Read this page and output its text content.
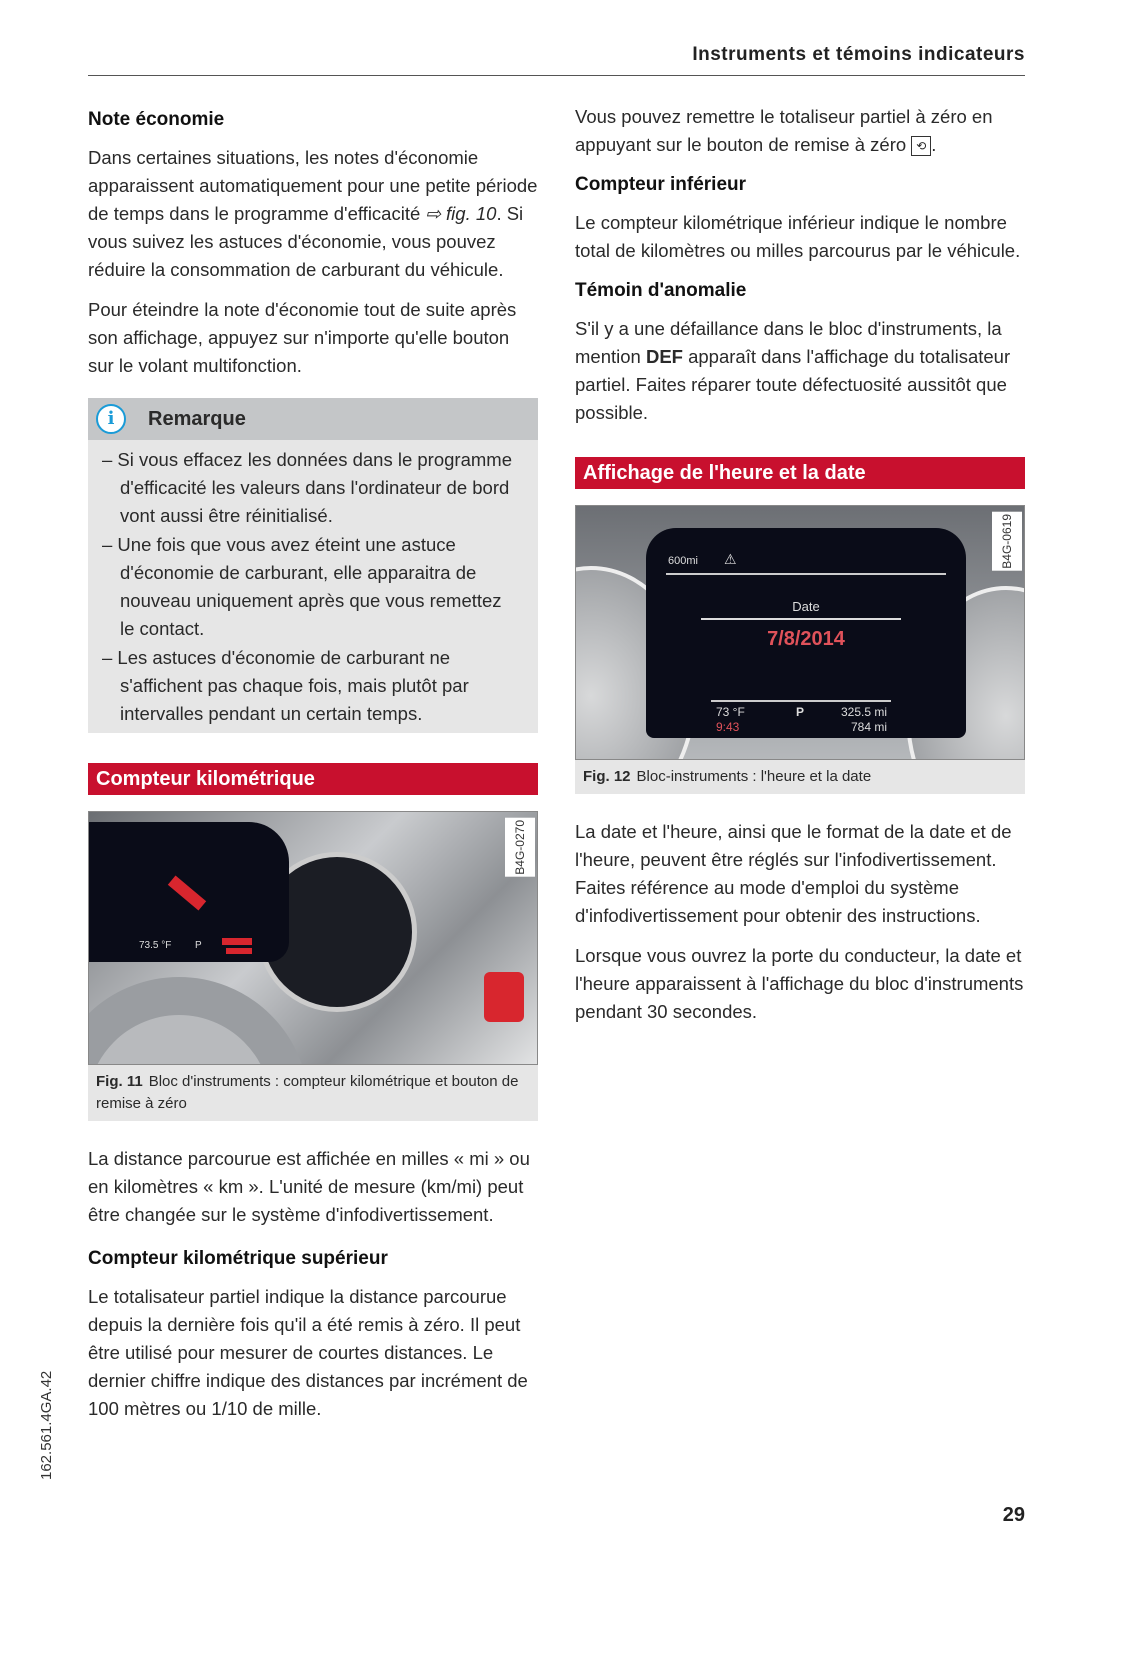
Instruments et témoins indicateurs
Note économie

Dans certaines situations, les notes d'économie apparaissent automatiquement pour une petite période de temps dans le programme d'efficacité ⇨ fig. 10. Si vous suivez les astuces d'économie, vous pouvez réduire la consommation de carburant du véhicule.

Pour éteindre la note d'économie tout de suite après son affichage, appuyez sur n'importe qu'elle bouton sur le volant multifonction.

i	Remarque
– Si vous effacez les données dans le programme d'efficacité les valeurs dans l'ordinateur de bord vont aussi être réinitialisé.
– Une fois que vous avez éteint une astuce d'économie de carburant, elle apparaitra de nouveau uniquement après que vous remettez le contact.
– Les astuces d'économie de carburant ne s'affichent pas chaque fois, mais plutôt par intervalles pendant un certain temps.
Compteur kilométrique
73.5 °F P
B4G-0270
Fig. 11 Bloc d'instruments : compteur kilométrique et bouton de remise à zéro

La distance parcourue est affichée en milles « mi » ou en kilomètres « km ». L'unité de mesure (km/mi) peut être changée sur le système d'infodivertissement.

Compteur kilométrique supérieur

Le totalisateur partiel indique la distance parcourue depuis la dernière fois qu'il a été remis à zéro. Il peut être utilisé pour mesurer de courtes distances. Le dernier chiffre indique des distances par incrément de 100 mètres ou 1/10 de mille.

Vous pouvez remettre le totaliseur partiel à zéro en appuyant sur le bouton de remise à zéro ⟲ .

Compteur inférieur

Le compteur kilométrique inférieur indique le nombre total de kilomètres ou milles parcourus par le véhicule.

Témoin d'anomalie

S'il y a une défaillance dans le bloc d'instruments, la mention DEF apparaît dans l'affichage du totalisateur partiel. Faites réparer toute défectuosité aussitôt que possible.

Affichage de l'heure et la date
600mi ⚠
Date
7/8/2014
73 °F	P	325.5 mi
9:43	784 mi
B4G-0619
Fig. 12 Bloc-instruments : l'heure et la date

La date et l'heure, ainsi que le format de la date et de l'heure, peuvent être réglés sur l'infodivertissement. Faites référence au mode d'emploi du système d'infodivertissement pour obtenir des instructions.

Lorsque vous ouvrez la porte du conducteur, la date et l'heure apparaissent à l'affichage du bloc d'instruments pendant 30 secondes.

162.561.4GA.42
29
